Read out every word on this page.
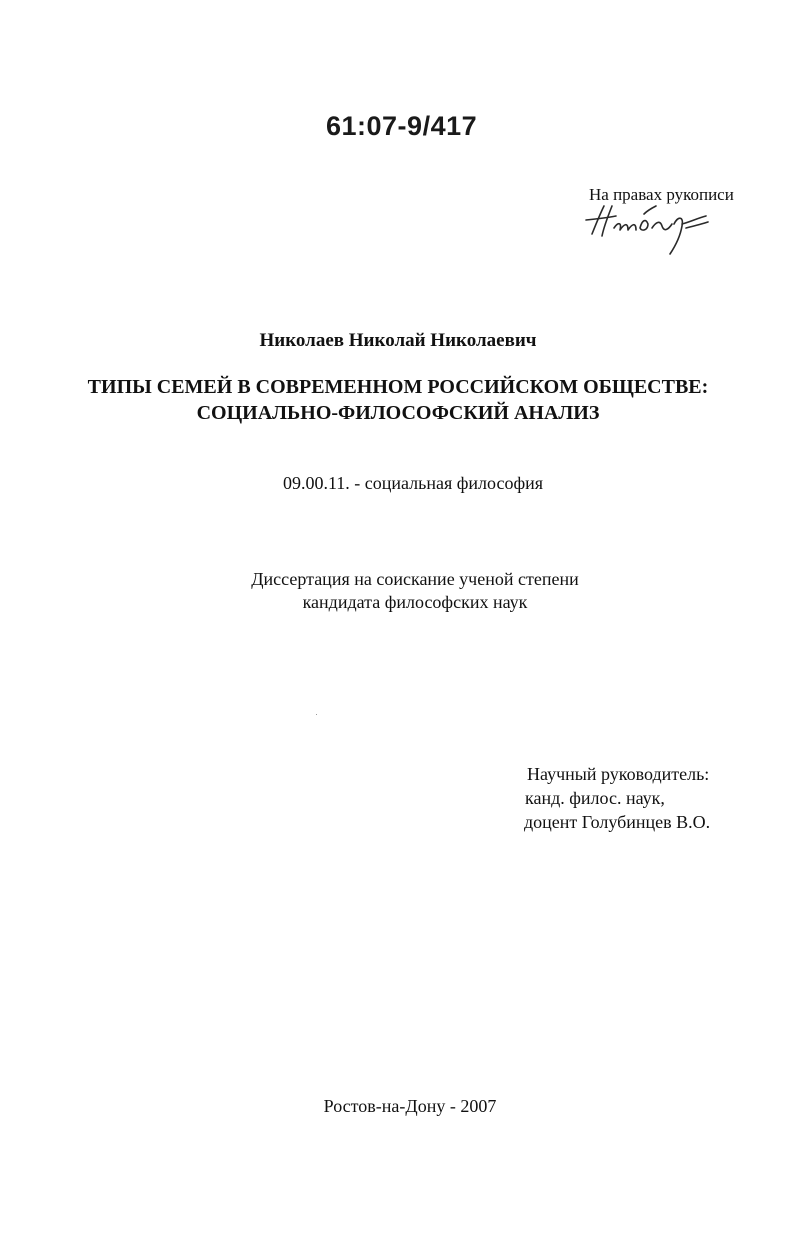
61:07-9/417
На правах рукописи
Николаев Николай Николаевич
ТИПЫ СЕМЕЙ В СОВРЕМЕННОМ РОССИЙСКОМ ОБЩЕСТВЕ:
СОЦИАЛЬНО-ФИЛОСОФСКИЙ АНАЛИЗ
09.00.11. - социальная философия
Диссертация на соискание ученой степени
кандидата философских наук
Научный руководитель:
канд. филос. наук,
доцент Голубинцев В.О.
Ростов-на-Дону - 2007
